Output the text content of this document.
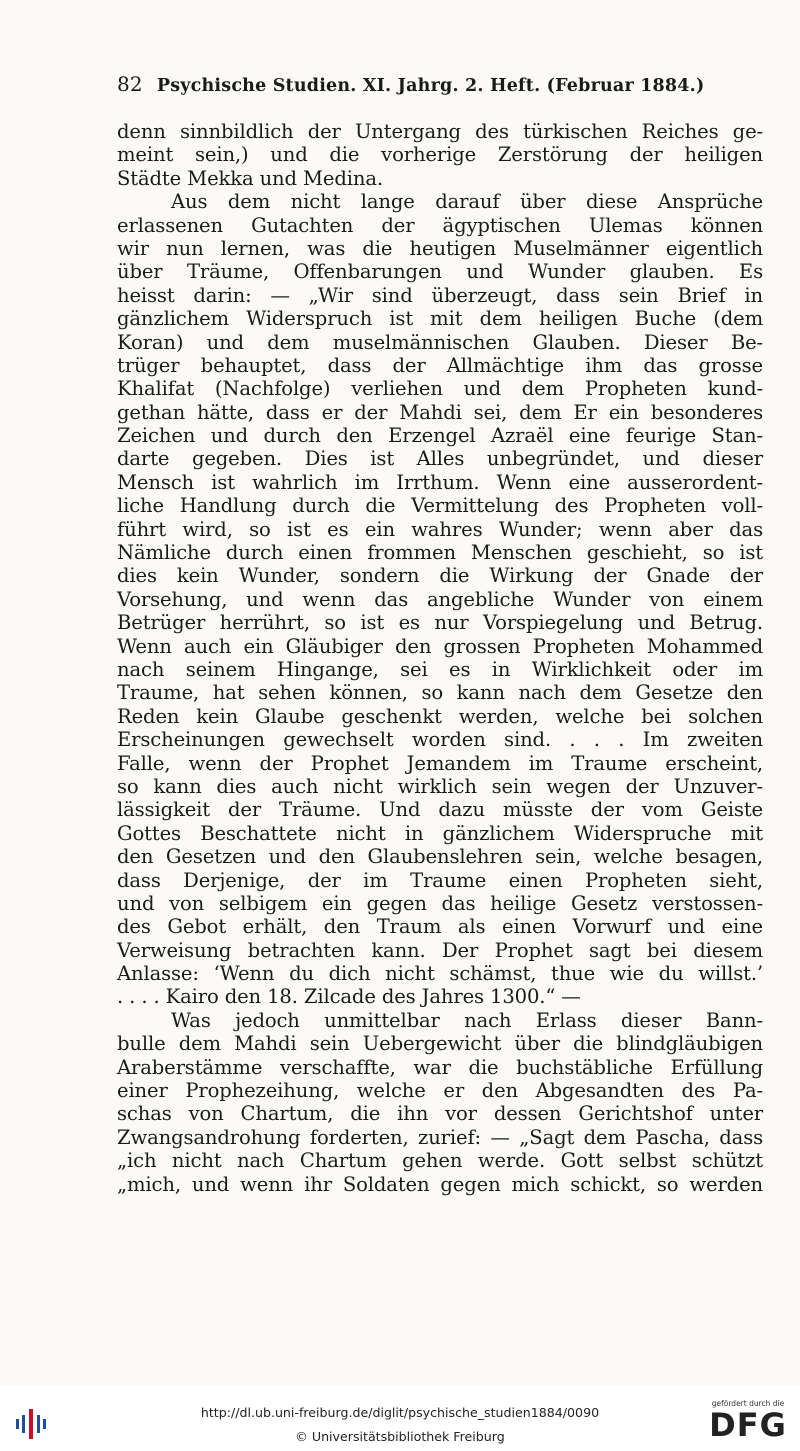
82 Psychische Studien. XI. Jahrg. 2. Heft. (Februar 1884.)
denn sinnbildlich der Untergang des türkischen Reiches ge-
meint sein,) und die vorherige Zerstörung der heiligen
Städte Mekka und Medina.
Aus dem nicht lange darauf über diese Ansprüche
erlassenen Gutachten der ägyptischen Ulemas können
wir nun lernen, was die heutigen Muselmänner eigentlich
über Träume, Offenbarungen und Wunder glauben. Es
heisst darin: — „Wir sind überzeugt, dass sein Brief in
gänzlichem Widerspruch ist mit dem heiligen Buche (dem
Koran) und dem muselmännischen Glauben. Dieser Be-
trüger behauptet, dass der Allmächtige ihm das grosse
Khalifat (Nachfolge) verliehen und dem Propheten kund-
gethan hätte, dass er der Mahdi sei, dem Er ein besonderes
Zeichen und durch den Erzengel Azraël eine feurige Stan-
darte gegeben. Dies ist Alles unbegründet, und dieser
Mensch ist wahrlich im Irrthum. Wenn eine ausserordent-
liche Handlung durch die Vermittelung des Propheten voll-
führt wird, so ist es ein wahres Wunder; wenn aber das
Nämliche durch einen frommen Menschen geschieht, so ist
dies kein Wunder, sondern die Wirkung der Gnade der
Vorsehung, und wenn das angebliche Wunder von einem
Betrüger herrührt, so ist es nur Vorspiegelung und Betrug.
Wenn auch ein Gläubiger den grossen Propheten Mohammed
nach seinem Hingange, sei es in Wirklichkeit oder im
Traume, hat sehen können, so kann nach dem Gesetze den
Reden kein Glaube geschenkt werden, welche bei solchen
Erscheinungen gewechselt worden sind. . . . Im zweiten
Falle, wenn der Prophet Jemandem im Traume erscheint,
so kann dies auch nicht wirklich sein wegen der Unzuver-
lässigkeit der Träume. Und dazu müsste der vom Geiste
Gottes Beschattete nicht in gänzlichem Widerspruche mit
den Gesetzen und den Glaubenslehren sein, welche besagen,
dass Derjenige, der im Traume einen Propheten sieht,
und von selbigem ein gegen das heilige Gesetz verstossen-
des Gebot erhält, den Traum als einen Vorwurf und eine
Verweisung betrachten kann. Der Prophet sagt bei diesem
Anlasse: ‘Wenn du dich nicht schämst, thue wie du willst.’
. . . . Kairo den 18. Zilcade des Jahres 1300.“ —
Was jedoch unmittelbar nach Erlass dieser Bann-
bulle dem Mahdi sein Uebergewicht über die blindgläubigen
Araberstämme verschaffte, war die buchstäbliche Erfüllung
einer Prophezeihung, welche er den Abgesandten des Pa-
schas von Chartum, die ihn vor dessen Gerichtshof unter
Zwangsandrohung forderten, zurief: — „Sagt dem Pascha, dass
„ich nicht nach Chartum gehen werde. Gott selbst schützt
„mich, und wenn ihr Soldaten gegen mich schickt, so werden
http://dl.ub.uni-freiburg.de/diglit/psychische_studien1884/0090
© Universitätsbibliothek Freiburg
gefördert durch die
DFG
